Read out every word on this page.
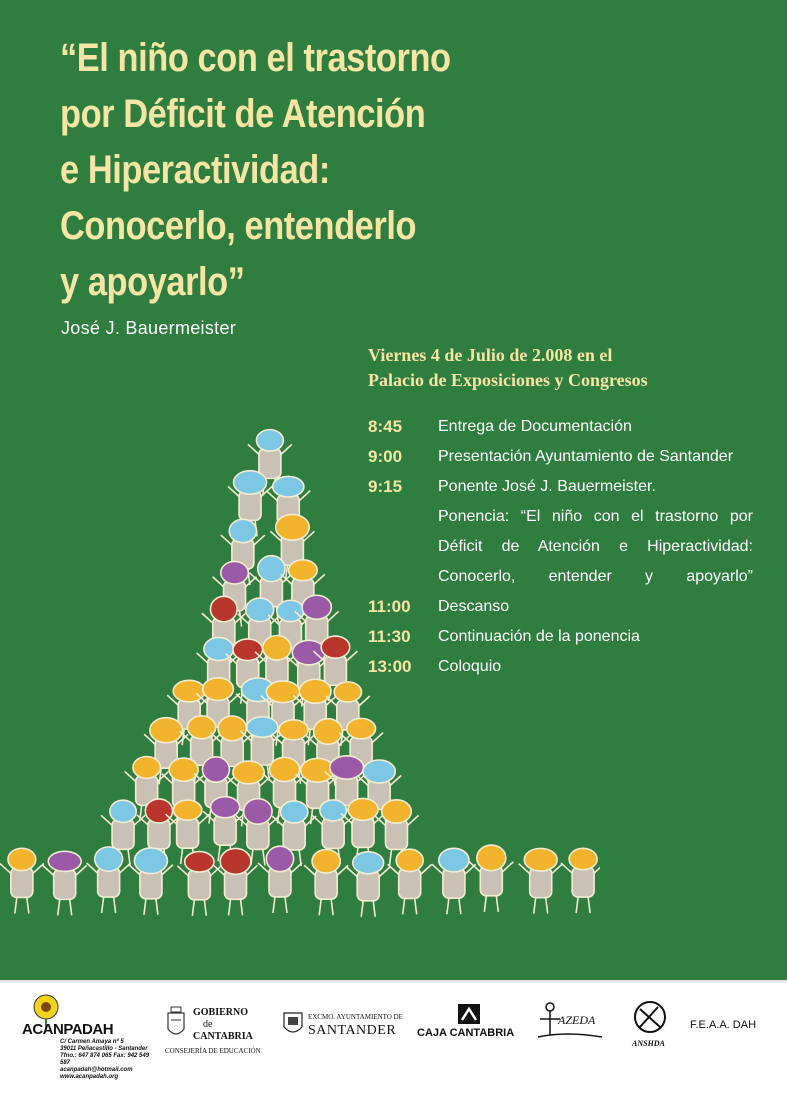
“El niño con el trastorno
por Déficit de Atención
e Hiperactividad:
Conocerlo, entenderlo
y apoyarlo”
José J. Bauermeister
Viernes 4 de Julio de 2.008 en el
Palacio de Exposiciones y Congresos
8:45	Entrega de Documentación
9:00	Presentación Ayuntamiento de Santander
9:15	Ponente José J. Bauermeister.
Ponencia: “El niño con el trastorno por
Déficit de Atención e Hiperactividad:
Conocerlo, entender y apoyarlo”
11:00	Descanso
11:30	Continuación de la ponencia
13:00	Coloquio
ACANPADAH
C/ Carmen Amaya nº 5
39011 Peñacastillo - Santander
Tfno.: 647 874 065 Fax: 942 549 587
acanpadah@hotmail.com
www.acanpadah.org
GOBIERNO
de
CANTABRIA
CONSEJERÍA DE EDUCACIÓN
EXCMO. AYUNTAMIENTO DE
SANTANDER CAJA CANTABRIA
AZEDA
ANSHDA
F.E.A.A. DAH
